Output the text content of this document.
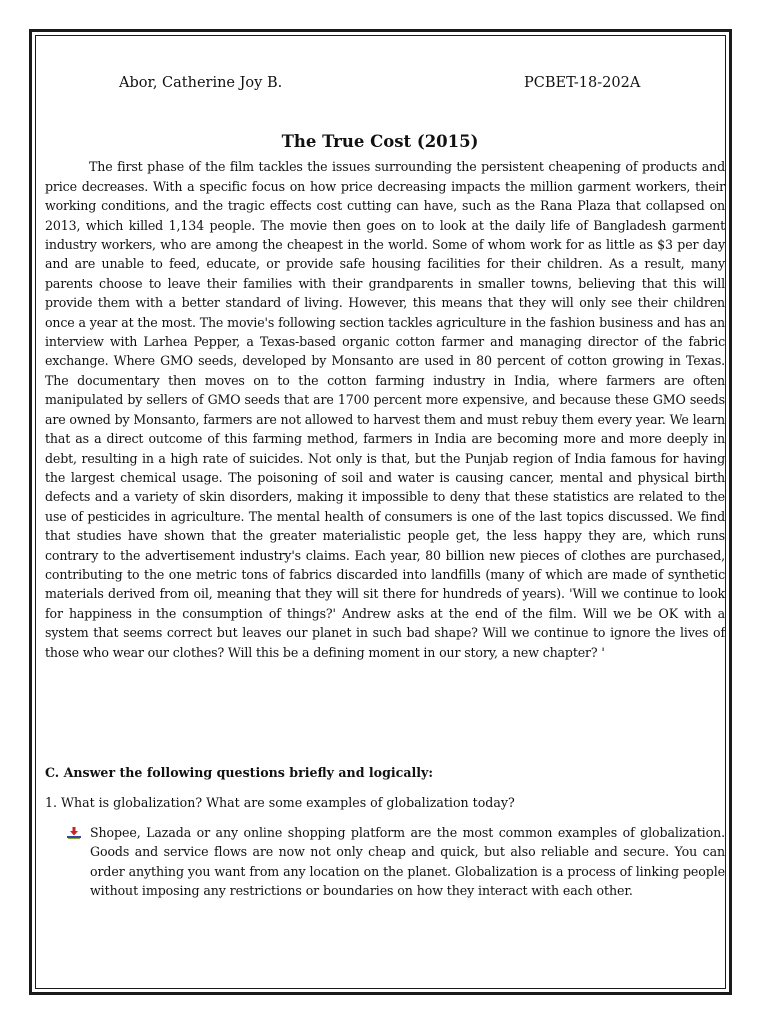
Abor, Catherine Joy B.	PCBET-18-202A
The True Cost (2015)

The first phase of the film tackles the issues surrounding the persistent cheapening of products and price decreases. With a specific focus on how price decreasing impacts the million garment workers, their working conditions, and the tragic effects cost cutting can have, such as the Rana Plaza that collapsed on 2013, which killed 1,134 people. The movie then goes on to look at the daily life of Bangladesh garment industry workers, who are among the cheapest in the world. Some of whom work for as little as $3 per day and are unable to feed, educate, or provide safe housing facilities for their children. As a result, many parents choose to leave their families with their grandparents in smaller towns, believing that this will provide them with a better standard of living. However, this means that they will only see their children once a year at the most. The movie's following section tackles agriculture in the fashion business and has an interview with Larhea Pepper, a Texas-based organic cotton farmer and managing director of the fabric exchange. Where GMO seeds, developed by Monsanto are used in 80 percent of cotton growing in Texas. The documentary then moves on to the cotton farming industry in India, where farmers are often manipulated by sellers of GMO seeds that are 1700 percent more expensive, and because these GMO seeds are owned by Monsanto, farmers are not allowed to harvest them and must rebuy them every year. We learn that as a direct outcome of this farming method, farmers in India are becoming more and more deeply in debt, resulting in a high rate of suicides. Not only is that, but the Punjab region of India famous for having the largest chemical usage. The poisoning of soil and water is causing cancer, mental and physical birth defects and a variety of skin disorders, making it impossible to deny that these statistics are related to the use of pesticides in agriculture. The mental health of consumers is one of the last topics discussed. We find that studies have shown that the greater materialistic people get, the less happy they are, which runs contrary to the advertisement industry's claims. Each year, 80 billion new pieces of clothes are purchased, contributing to the one metric tons of fabrics discarded into landfills (many of which are made of synthetic materials derived from oil, meaning that they will sit there for hundreds of years). 'Will we continue to look for happiness in the consumption of things?' Andrew asks at the end of the film. Will we be OK with a system that seems correct but leaves our planet in such bad shape? Will we continue to ignore the lives of those who wear our clothes? Will this be a defining moment in our story, a new chapter? '

C. Answer the following questions briefly and logically:
1. What is globalization? What are some examples of globalization today?

Shopee, Lazada or any online shopping platform are the most common examples of globalization. Goods and service flows are now not only cheap and quick, but also reliable and secure. You can order anything you want from any location on the planet. Globalization is a process of linking people without imposing any restrictions or boundaries on how they interact with each other.
